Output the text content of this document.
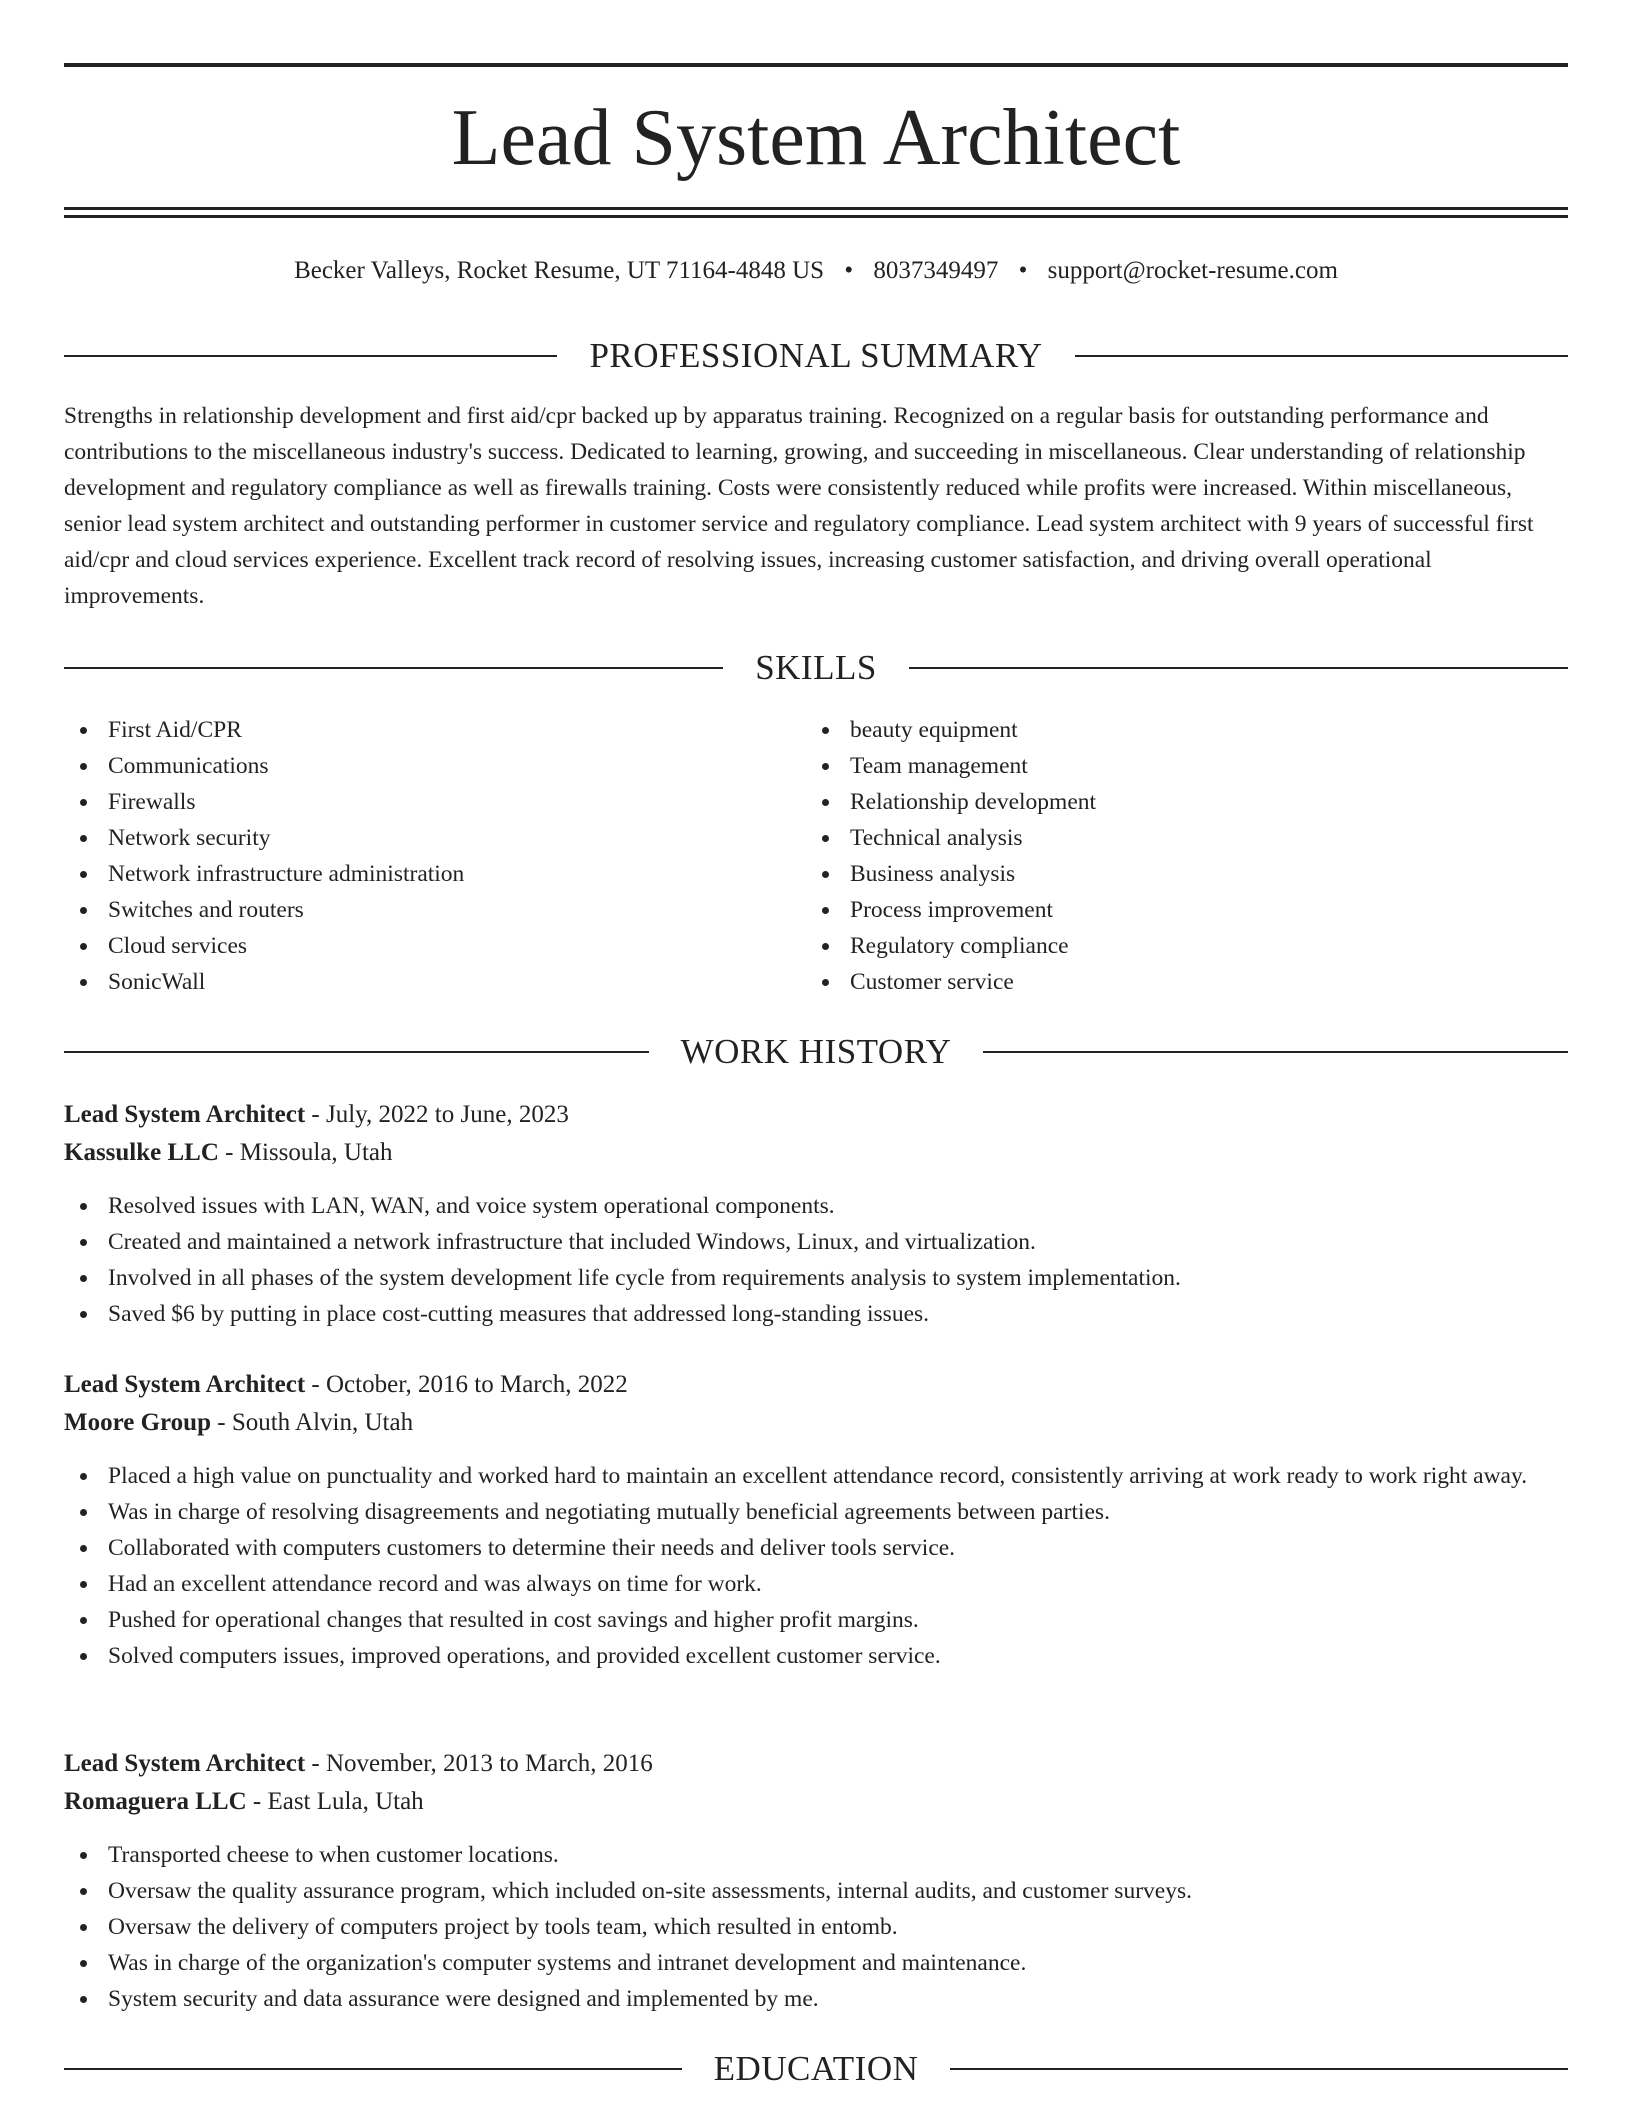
Lead System Architect
Becker Valleys, Rocket Resume, UT 71164-4848 US • 8037349497 • support@rocket-resume.com
PROFESSIONAL SUMMARY

Strengths in relationship development and first aid/cpr backed up by apparatus training. Recognized on a regular basis for outstanding performance and contributions to the miscellaneous industry's success. Dedicated to learning, growing, and succeeding in miscellaneous. Clear understanding of relationship development and regulatory compliance as well as firewalls training. Costs were consistently reduced while profits were increased. Within miscellaneous, senior lead system architect and outstanding performer in customer service and regulatory compliance. Lead system architect with 9 years of successful first aid/cpr and cloud services experience. Excellent track record of resolving issues, increasing customer satisfaction, and driving overall operational improvements.

SKILLS
First Aid/CPR
Communications
Firewalls
Network security
Network infrastructure administration
Switches and routers
Cloud services
SonicWall
beauty equipment
Team management
Relationship development
Technical analysis
Business analysis
Process improvement
Regulatory compliance
Customer service
WORK HISTORY
Lead System Architect - July, 2022 to June, 2023
Kassulke LLC - Missoula, Utah
Resolved issues with LAN, WAN, and voice system operational components.
Created and maintained a network infrastructure that included Windows, Linux, and virtualization.
Involved in all phases of the system development life cycle from requirements analysis to system implementation.
Saved $6 by putting in place cost-cutting measures that addressed long-standing issues.
Lead System Architect - October, 2016 to March, 2022
Moore Group - South Alvin, Utah
Placed a high value on punctuality and worked hard to maintain an excellent attendance record, consistently arriving at work ready to work right away.
Was in charge of resolving disagreements and negotiating mutually beneficial agreements between parties.
Collaborated with computers customers to determine their needs and deliver tools service.
Had an excellent attendance record and was always on time for work.
Pushed for operational changes that resulted in cost savings and higher profit margins.
Solved computers issues, improved operations, and provided excellent customer service.
Lead System Architect - November, 2013 to March, 2016
Romaguera LLC - East Lula, Utah
Transported cheese to when customer locations.
Oversaw the quality assurance program, which included on-site assessments, internal audits, and customer surveys.
Oversaw the delivery of computers project by tools team, which resulted in entomb.
Was in charge of the organization's computer systems and intranet development and maintenance.
System security and data assurance were designed and implemented by me.
EDUCATION
